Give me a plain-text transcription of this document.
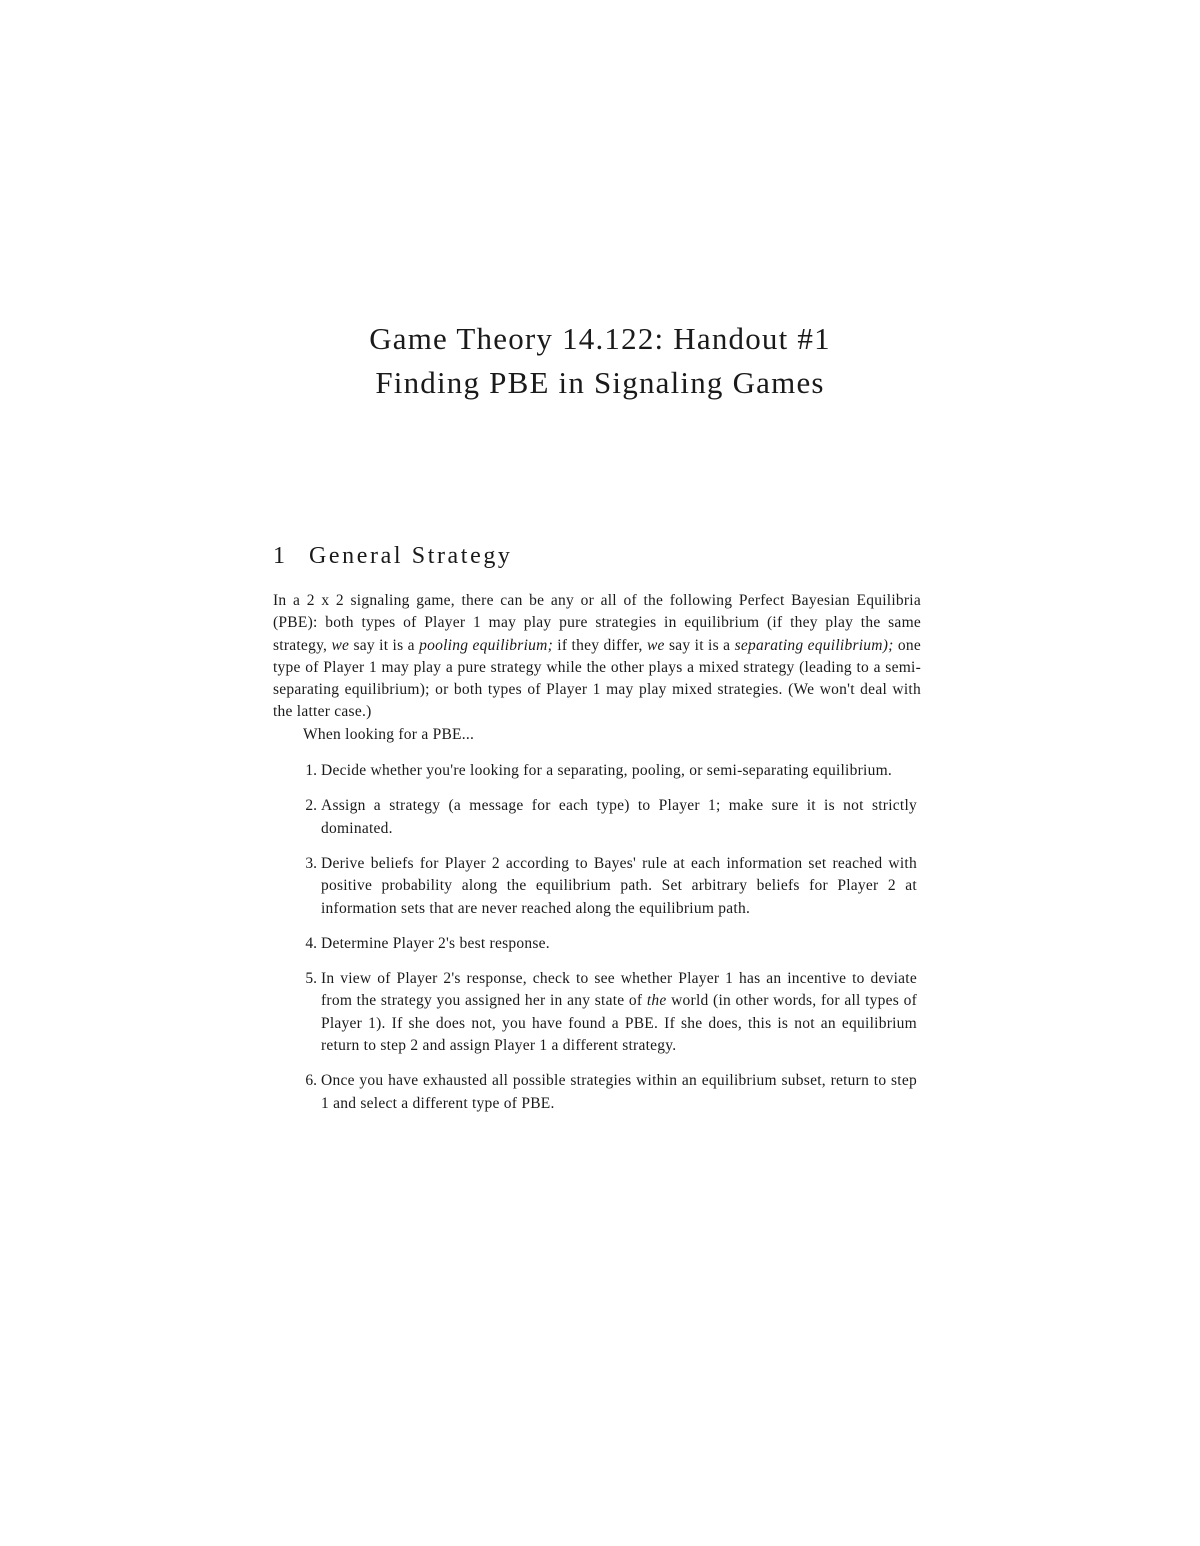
Game Theory 14.122: Handout #1
Finding PBE in Signaling Games
1 General Strategy

In a 2 x 2 signaling game, there can be any or all of the following Perfect Bayesian Equilibria (PBE): both types of Player 1 may play pure strategies in equilibrium (if they play the same strategy, we say it is a pooling equilibrium; if they differ, we say it is a separating equilibrium); one type of Player 1 may play a pure strategy while the other plays a mixed strategy (leading to a semi-separating equilibrium); or both types of Player 1 may play mixed strategies. (We won't deal with the latter case.)

When looking for a PBE...

1. Decide whether you're looking for a separating, pooling, or semi-separating equilibrium.
2. Assign a strategy (a message for each type) to Player 1; make sure it is not strictly dominated.
3. Derive beliefs for Player 2 according to Bayes' rule at each information set reached with positive probability along the equilibrium path. Set arbitrary beliefs for Player 2 at information sets that are never reached along the equilibrium path.
4. Determine Player 2's best response.
5. In view of Player 2's response, check to see whether Player 1 has an incentive to deviate from the strategy you assigned her in any state of the world (in other words, for all types of Player 1). If she does not, you have found a PBE. If she does, this is not an equilibrium return to step 2 and assign Player 1 a different strategy.
6. Once you have exhausted all possible strategies within an equilibrium subset, return to step 1 and select a different type of PBE.
